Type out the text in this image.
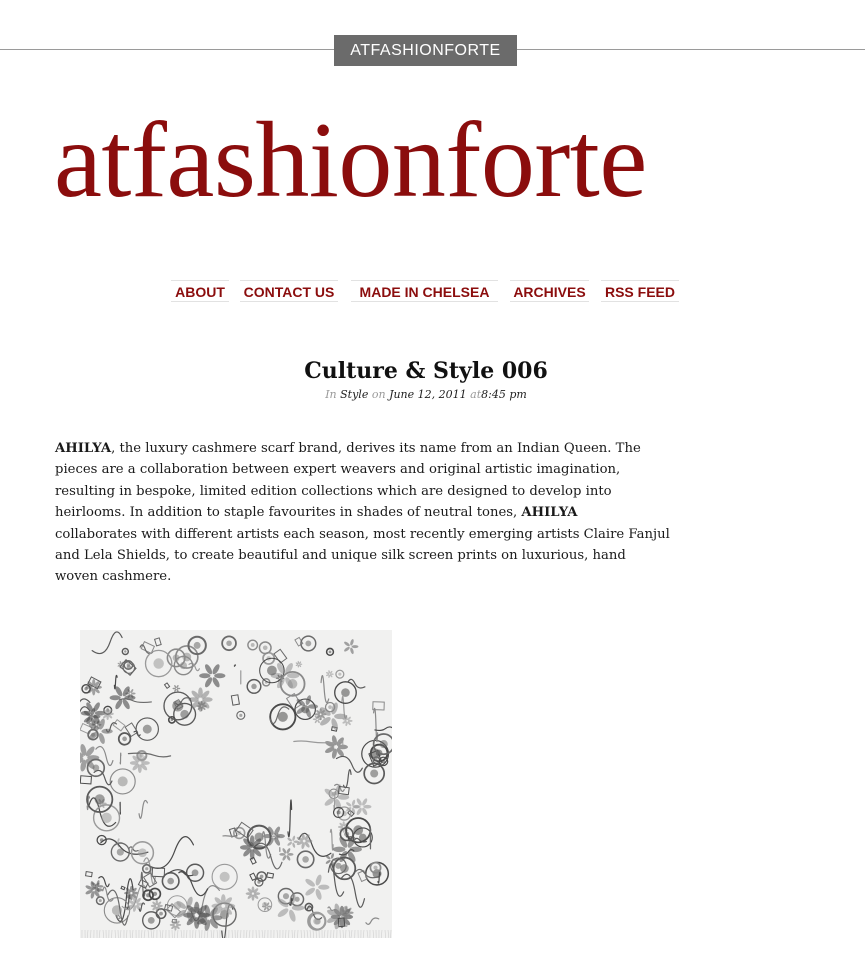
ATFASHIONFORTE
atfashionforte
ABOUT CONTACT US	MADE IN CHELSEA	ARCHIVES RSS FEED
Culture & Style 006
In Style on June 12, 2011 at8:45 pm

AHILYA, the luxury cashmere scarf brand, derives its name from an Indian Queen. The

pieces are a collaboration between expert weavers and original artistic imagination,

resulting in bespoke, limited edition collections which are designed to develop into

heirlooms. In addition to staple favourites in shades of neutral tones, AHILYA

collaborates with different artists each season, most recently emerging artists Claire Fanjul

and Lela Shields, to create beautiful and unique silk screen prints on luxurious, hand

woven cashmere.
